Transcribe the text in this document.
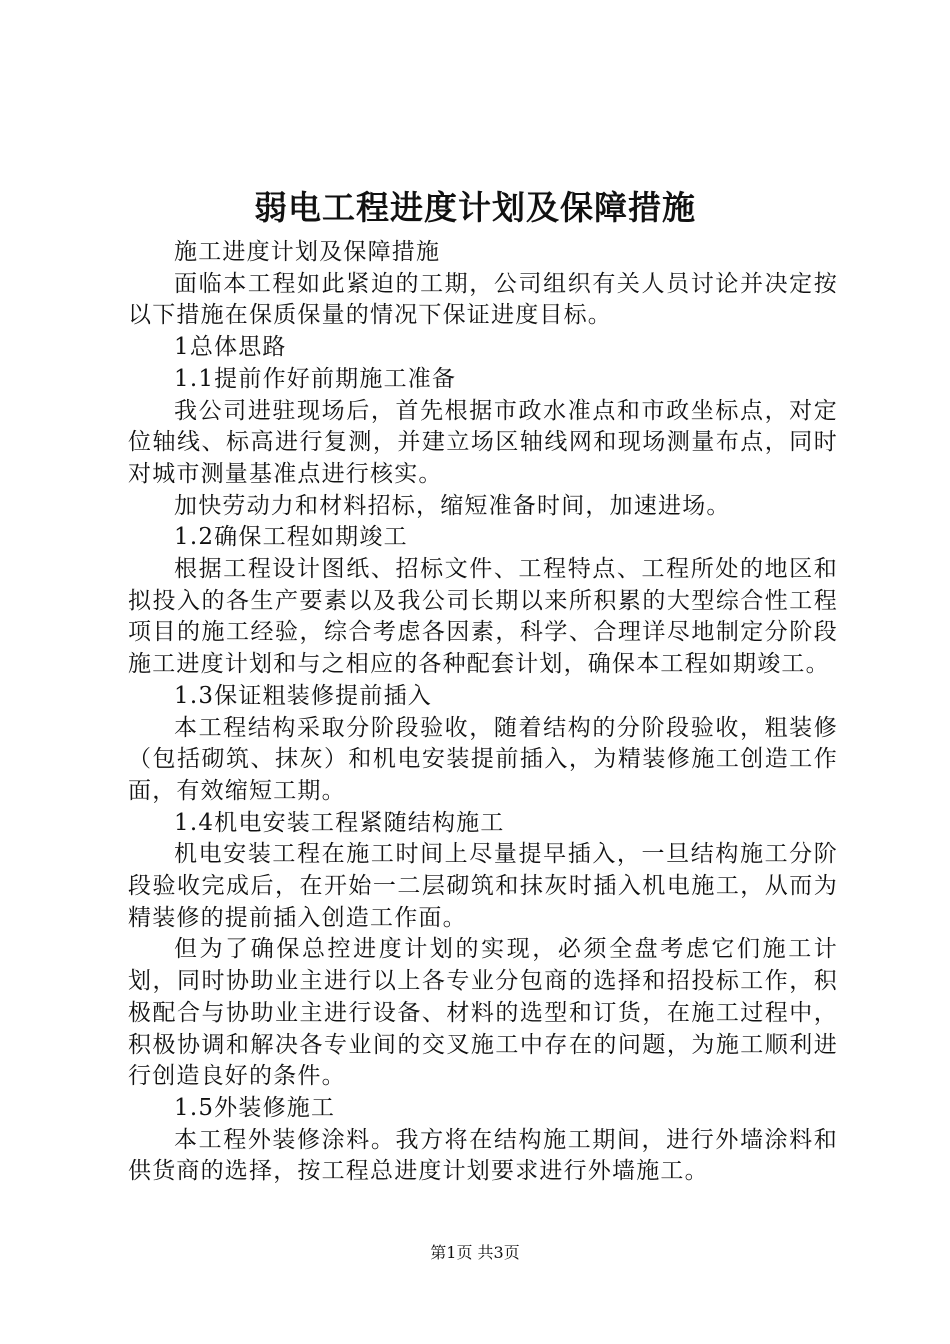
弱电工程进度计划及保障措施

施工进度计划及保障措施

面临本工程如此紧迫的工期，公司组织有关人员讨论并决定按以下措施在保质保量的情况下保证进度目标。

1总体思路

1.1提前作好前期施工准备

我公司进驻现场后，首先根据市政水准点和市政坐标点，对定位轴线、标高进行复测，并建立场区轴线网和现场测量布点，同时对城市测量基准点进行核实。

加快劳动力和材料招标，缩短准备时间，加速进场。

1.2确保工程如期竣工

根据工程设计图纸、招标文件、工程特点、工程所处的地区和拟投入的各生产要素以及我公司长期以来所积累的大型综合性工程项目的施工经验，综合考虑各因素，科学、合理详尽地制定分阶段施工进度计划和与之相应的各种配套计划，确保本工程如期竣工。

1.3保证粗装修提前插入

本工程结构采取分阶段验收，随着结构的分阶段验收，粗装修（包括砌筑、抹灰）和机电安装提前插入，为精装修施工创造工作面，有效缩短工期。

1.4机电安装工程紧随结构施工

机电安装工程在施工时间上尽量提早插入，一旦结构施工分阶段验收完成后，在开始一二层砌筑和抹灰时插入机电施工，从而为精装修的提前插入创造工作面。

但为了确保总控进度计划的实现，必须全盘考虑它们施工计划，同时协助业主进行以上各专业分包商的选择和招投标工作，积极配合与协助业主进行设备、材料的选型和订货，在施工过程中，积极协调和解决各专业间的交叉施工中存在的问题，为施工顺利进行创造良好的条件。

1.5外装修施工

本工程外装修涂料。我方将在结构施工期间，进行外墙涂料和供货商的选择，按工程总进度计划要求进行外墙施工。

第1页 共3页
